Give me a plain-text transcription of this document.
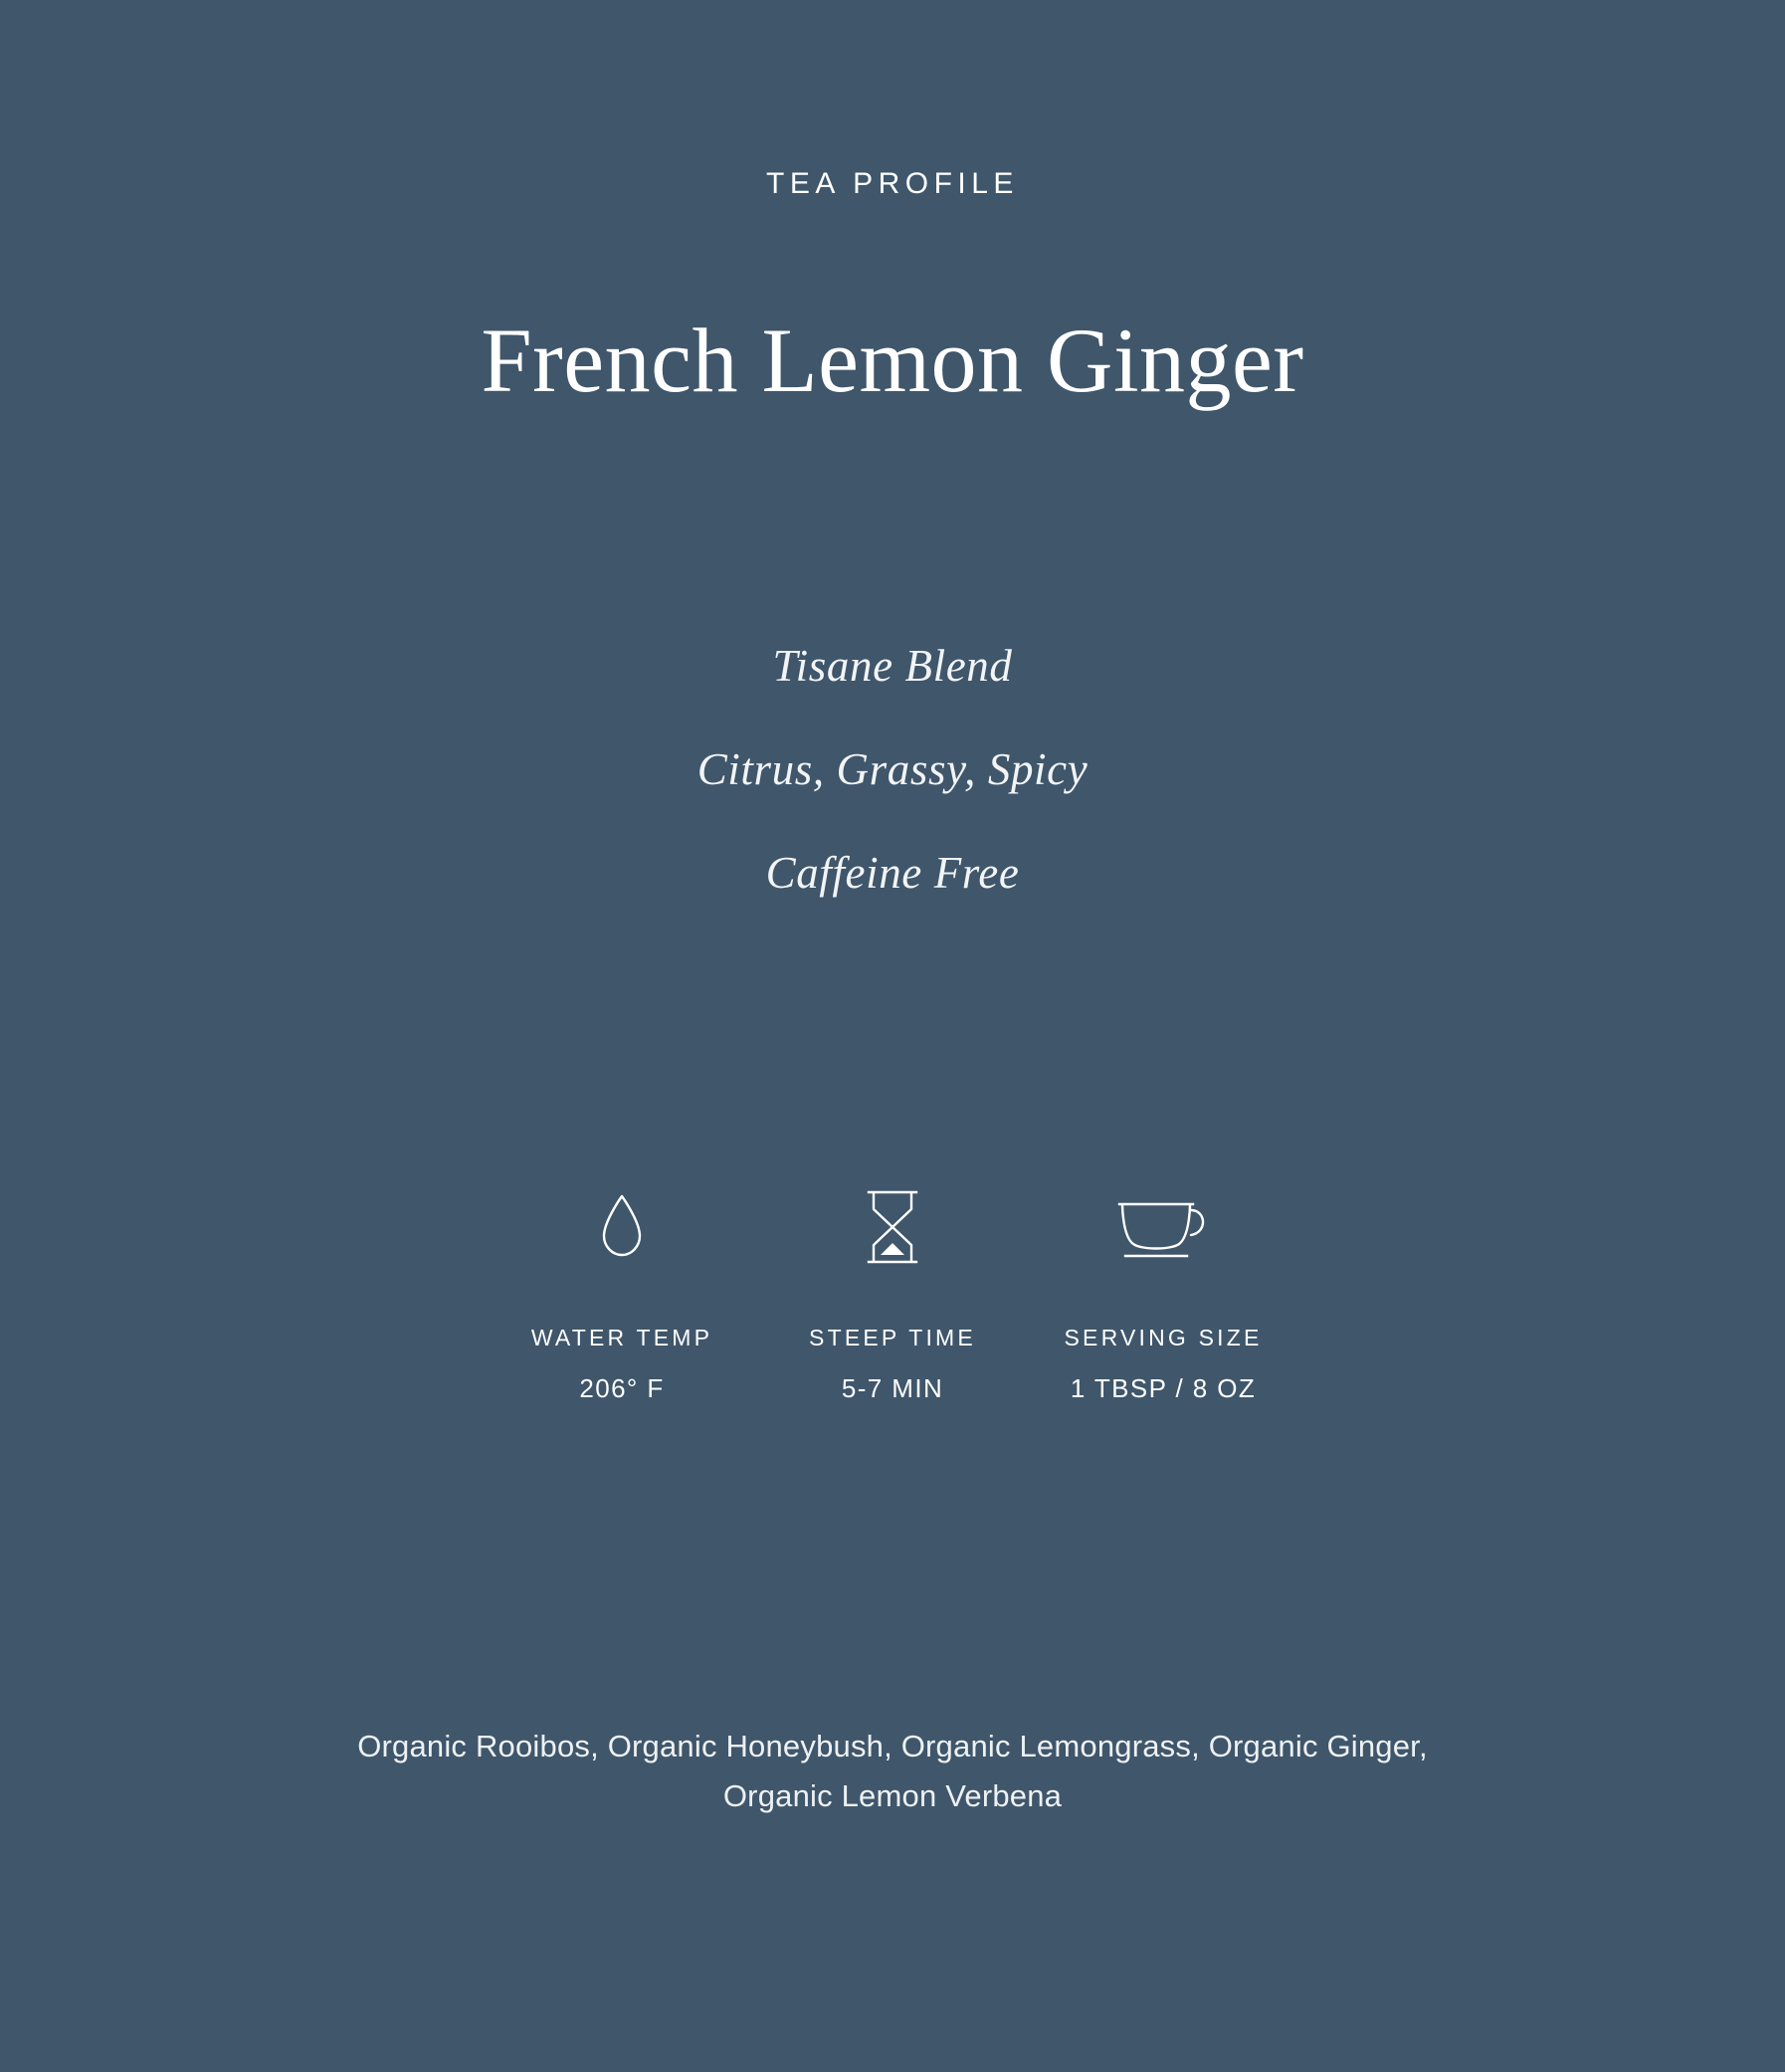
TEA PROFILE
French Lemon Ginger
Tisane Blend
Citrus, Grassy, Spicy
Caffeine Free
WATER TEMP
206° F
STEEP TIME
5-7 MIN
SERVING SIZE
1 TBSP / 8 OZ
Organic Rooibos, Organic Honeybush, Organic Lemongrass, Organic Ginger, Organic Lemon Verbena
